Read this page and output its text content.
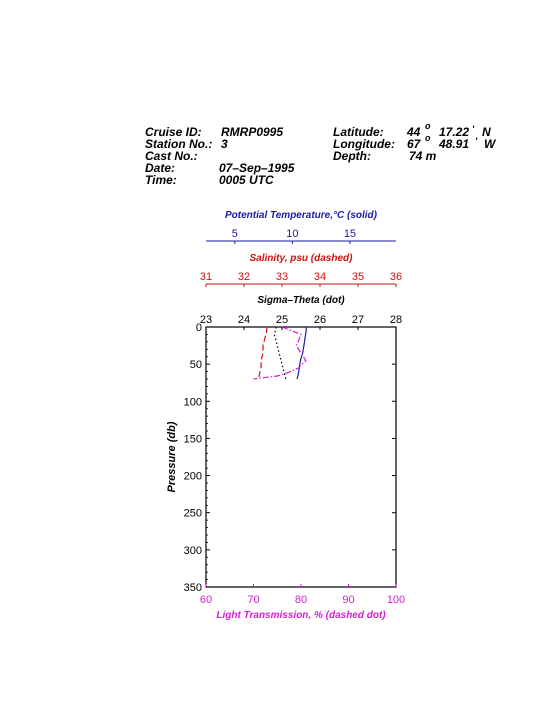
Cruise ID: RMRP0995
Station No.: 3
Cast No.:
Date:	07–Sep–1995
Time:	0005 UTC
Latitude: 44 o 17.22 ' N
Longitude: 67 o 48.91 ' W
Depth:	74 m
5	10	15
Potential Temperature,°C (solid)
31 32 33 34 35 36
Salinity, psu (dashed)
23 24 25 26 27 28
Sigma–Theta (dot)
60	70	80	90	100
Light Transmission, % (dashed dot)
0
50
100
150
200
250
300
350
Pressure (db)
